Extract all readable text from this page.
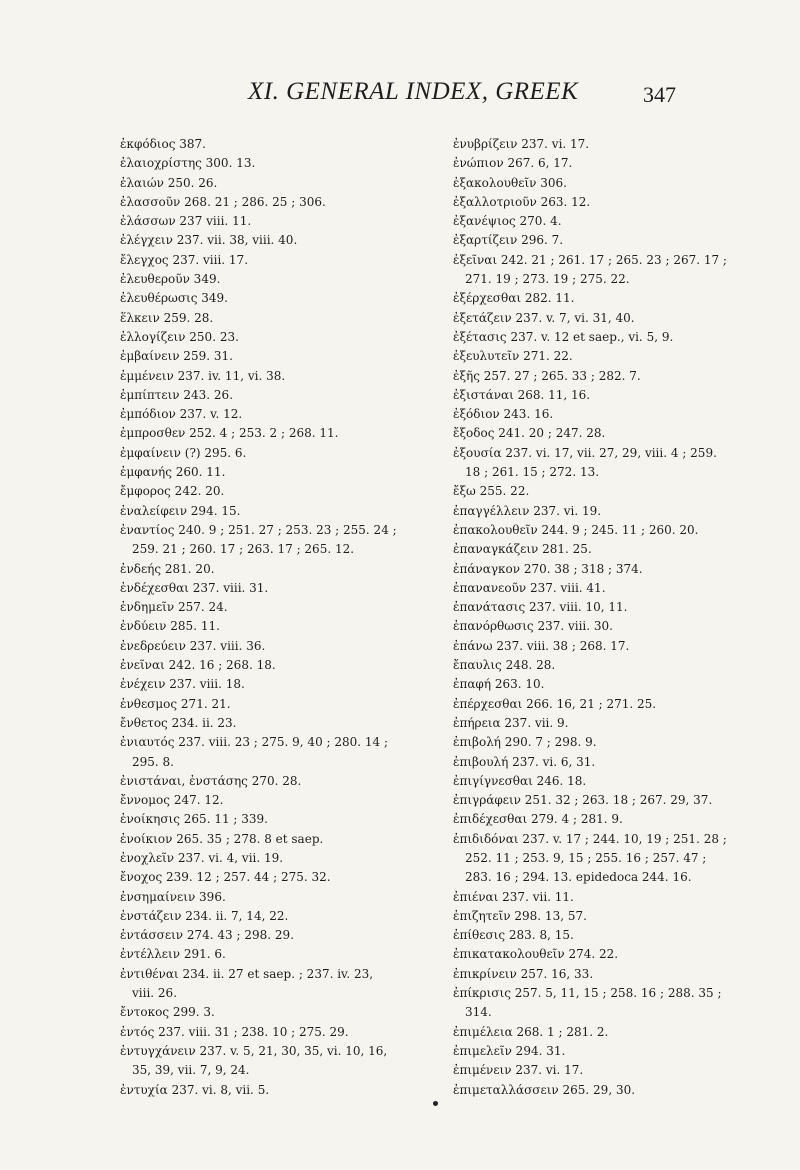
XI. GENERAL INDEX, GREEK	347
ἐκφόδιος 387.
ἐλαιοχρίστης 300. 13.
ἐλαιών 250. 26.
ἐλασσοῦν 268. 21 ; 286. 25 ; 306.
ἐλάσσων 237 viii. 11.
ἐλέγχειν 237. vii. 38, viii. 40.
ἔλεγχος 237. viii. 17.
ἐλευθεροῦν 349.
ἐλευθέρωσις 349.
ἕλκειν 259. 28.
ἐλλογίζειν 250. 23.
ἐμβαίνειν 259. 31.
ἐμμένειν 237. iv. 11, vi. 38.
ἐμπίπτειν 243. 26.
ἐμπόδιον 237. v. 12.
ἐμπροσθεν 252. 4 ; 253. 2 ; 268. 11.
ἐμφαίνειν (?) 295. 6.
ἐμφανής 260. 11.
ἔμφορος 242. 20.
ἐναλείφειν 294. 15.
ἐναντίος 240. 9 ; 251. 27 ; 253. 23 ; 255. 24 ;
259. 21 ; 260. 17 ; 263. 17 ; 265. 12.
ἐνδεής 281. 20.
ἐνδέχεσθαι 237. viii. 31.
ἐνδημεῖν 257. 24.
ἐνδύειν 285. 11.
ἐνεδρεύειν 237. viii. 36.
ἐνεῖναι 242. 16 ; 268. 18.
ἐνέχειν 237. viii. 18.
ἐνθεσμος 271. 21.
ἔνθετος 234. ii. 23.
ἐνιαυτός 237. viii. 23 ; 275. 9, 40 ; 280. 14 ;
295. 8.
ἐνιστάναι, ἐνστάσης 270. 28.
ἔννομος 247. 12.
ἐνοίκησις 265. 11 ; 339.
ἐνοίκιον 265. 35 ; 278. 8 et saep.
ἐνοχλεῖν 237. vi. 4, vii. 19.
ἔνοχος 239. 12 ; 257. 44 ; 275. 32.
ἐνσημαίνειν 396.
ἐνστάζειν 234. ii. 7, 14, 22.
ἐντάσσειν 274. 43 ; 298. 29.
ἐντέλλειν 291. 6.
ἐντιθέναι 234. ii. 27 et saep. ; 237. iv. 23,
viii. 26.
ἔντοκος 299. 3.
ἐντός 237. viii. 31 ; 238. 10 ; 275. 29.
ἐντυγχάνειν 237. v. 5, 21, 30, 35, vi. 10, 16,
35, 39, vii. 7, 9, 24.
ἐντυχία 237. vi. 8, vii. 5.
ἐνυβρίζειν 237. vi. 17.
ἐνώπιον 267. 6, 17.
ἐξακολουθεῖν 306.
ἐξαλλοτριοῦν 263. 12.
ἐξανέψιος 270. 4.
ἐξαρτίζειν 296. 7.
ἐξεῖναι 242. 21 ; 261. 17 ; 265. 23 ; 267. 17 ;
271. 19 ; 273. 19 ; 275. 22.
ἐξέρχεσθαι 282. 11.
ἐξετάζειν 237. v. 7, vi. 31, 40.
ἐξέτασις 237. v. 12 et saep., vi. 5, 9.
ἐξευλυτεῖν 271. 22.
ἐξῆς 257. 27 ; 265. 33 ; 282. 7.
ἐξιστάναι 268. 11, 16.
ἐξόδιον 243. 16.
ἔξοδος 241. 20 ; 247. 28.
ἐξουσία 237. vi. 17, vii. 27, 29, viii. 4 ; 259.
18 ; 261. 15 ; 272. 13.
ἔξω 255. 22.
ἐπαγγέλλειν 237. vi. 19.
ἐπακολουθεῖν 244. 9 ; 245. 11 ; 260. 20.
ἐπαναγκάζειν 281. 25.
ἐπάναγκον 270. 38 ; 318 ; 374.
ἐπανανεοῦν 237. viii. 41.
ἐπανάτασις 237. viii. 10, 11.
ἐπανόρθωσις 237. viii. 30.
ἐπάνω 237. viii. 38 ; 268. 17.
ἔπαυλις 248. 28.
ἐπαφή 263. 10.
ἐπέρχεσθαι 266. 16, 21 ; 271. 25.
ἐπήρεια 237. vii. 9.
ἐπιβολή 290. 7 ; 298. 9.
ἐπιβουλή 237. vi. 6, 31.
ἐπιγίγνεσθαι 246. 18.
ἐπιγράφειν 251. 32 ; 263. 18 ; 267. 29, 37.
ἐπιδέχεσθαι 279. 4 ; 281. 9.
ἐπιδιδόναι 237. v. 17 ; 244. 10, 19 ; 251. 28 ;
252. 11 ; 253. 9, 15 ; 255. 16 ; 257. 47 ;
283. 16 ; 294. 13. epidedoca 244. 16.
ἐπιέναι 237. vii. 11.
ἐπιζητεῖν 298. 13, 57.
ἐπίθεσις 283. 8, 15.
ἐπικατακολουθεῖν 274. 22.
ἐπικρίνειν 257. 16, 33.
ἐπίκρισις 257. 5, 11, 15 ; 258. 16 ; 288. 35 ;
314.
ἐπιμέλεια 268. 1 ; 281. 2.
ἐπιμελεῖν 294. 31.
ἐπιμένειν 237. vi. 17.
ἐπιμεταλλάσσειν 265. 29, 30.
